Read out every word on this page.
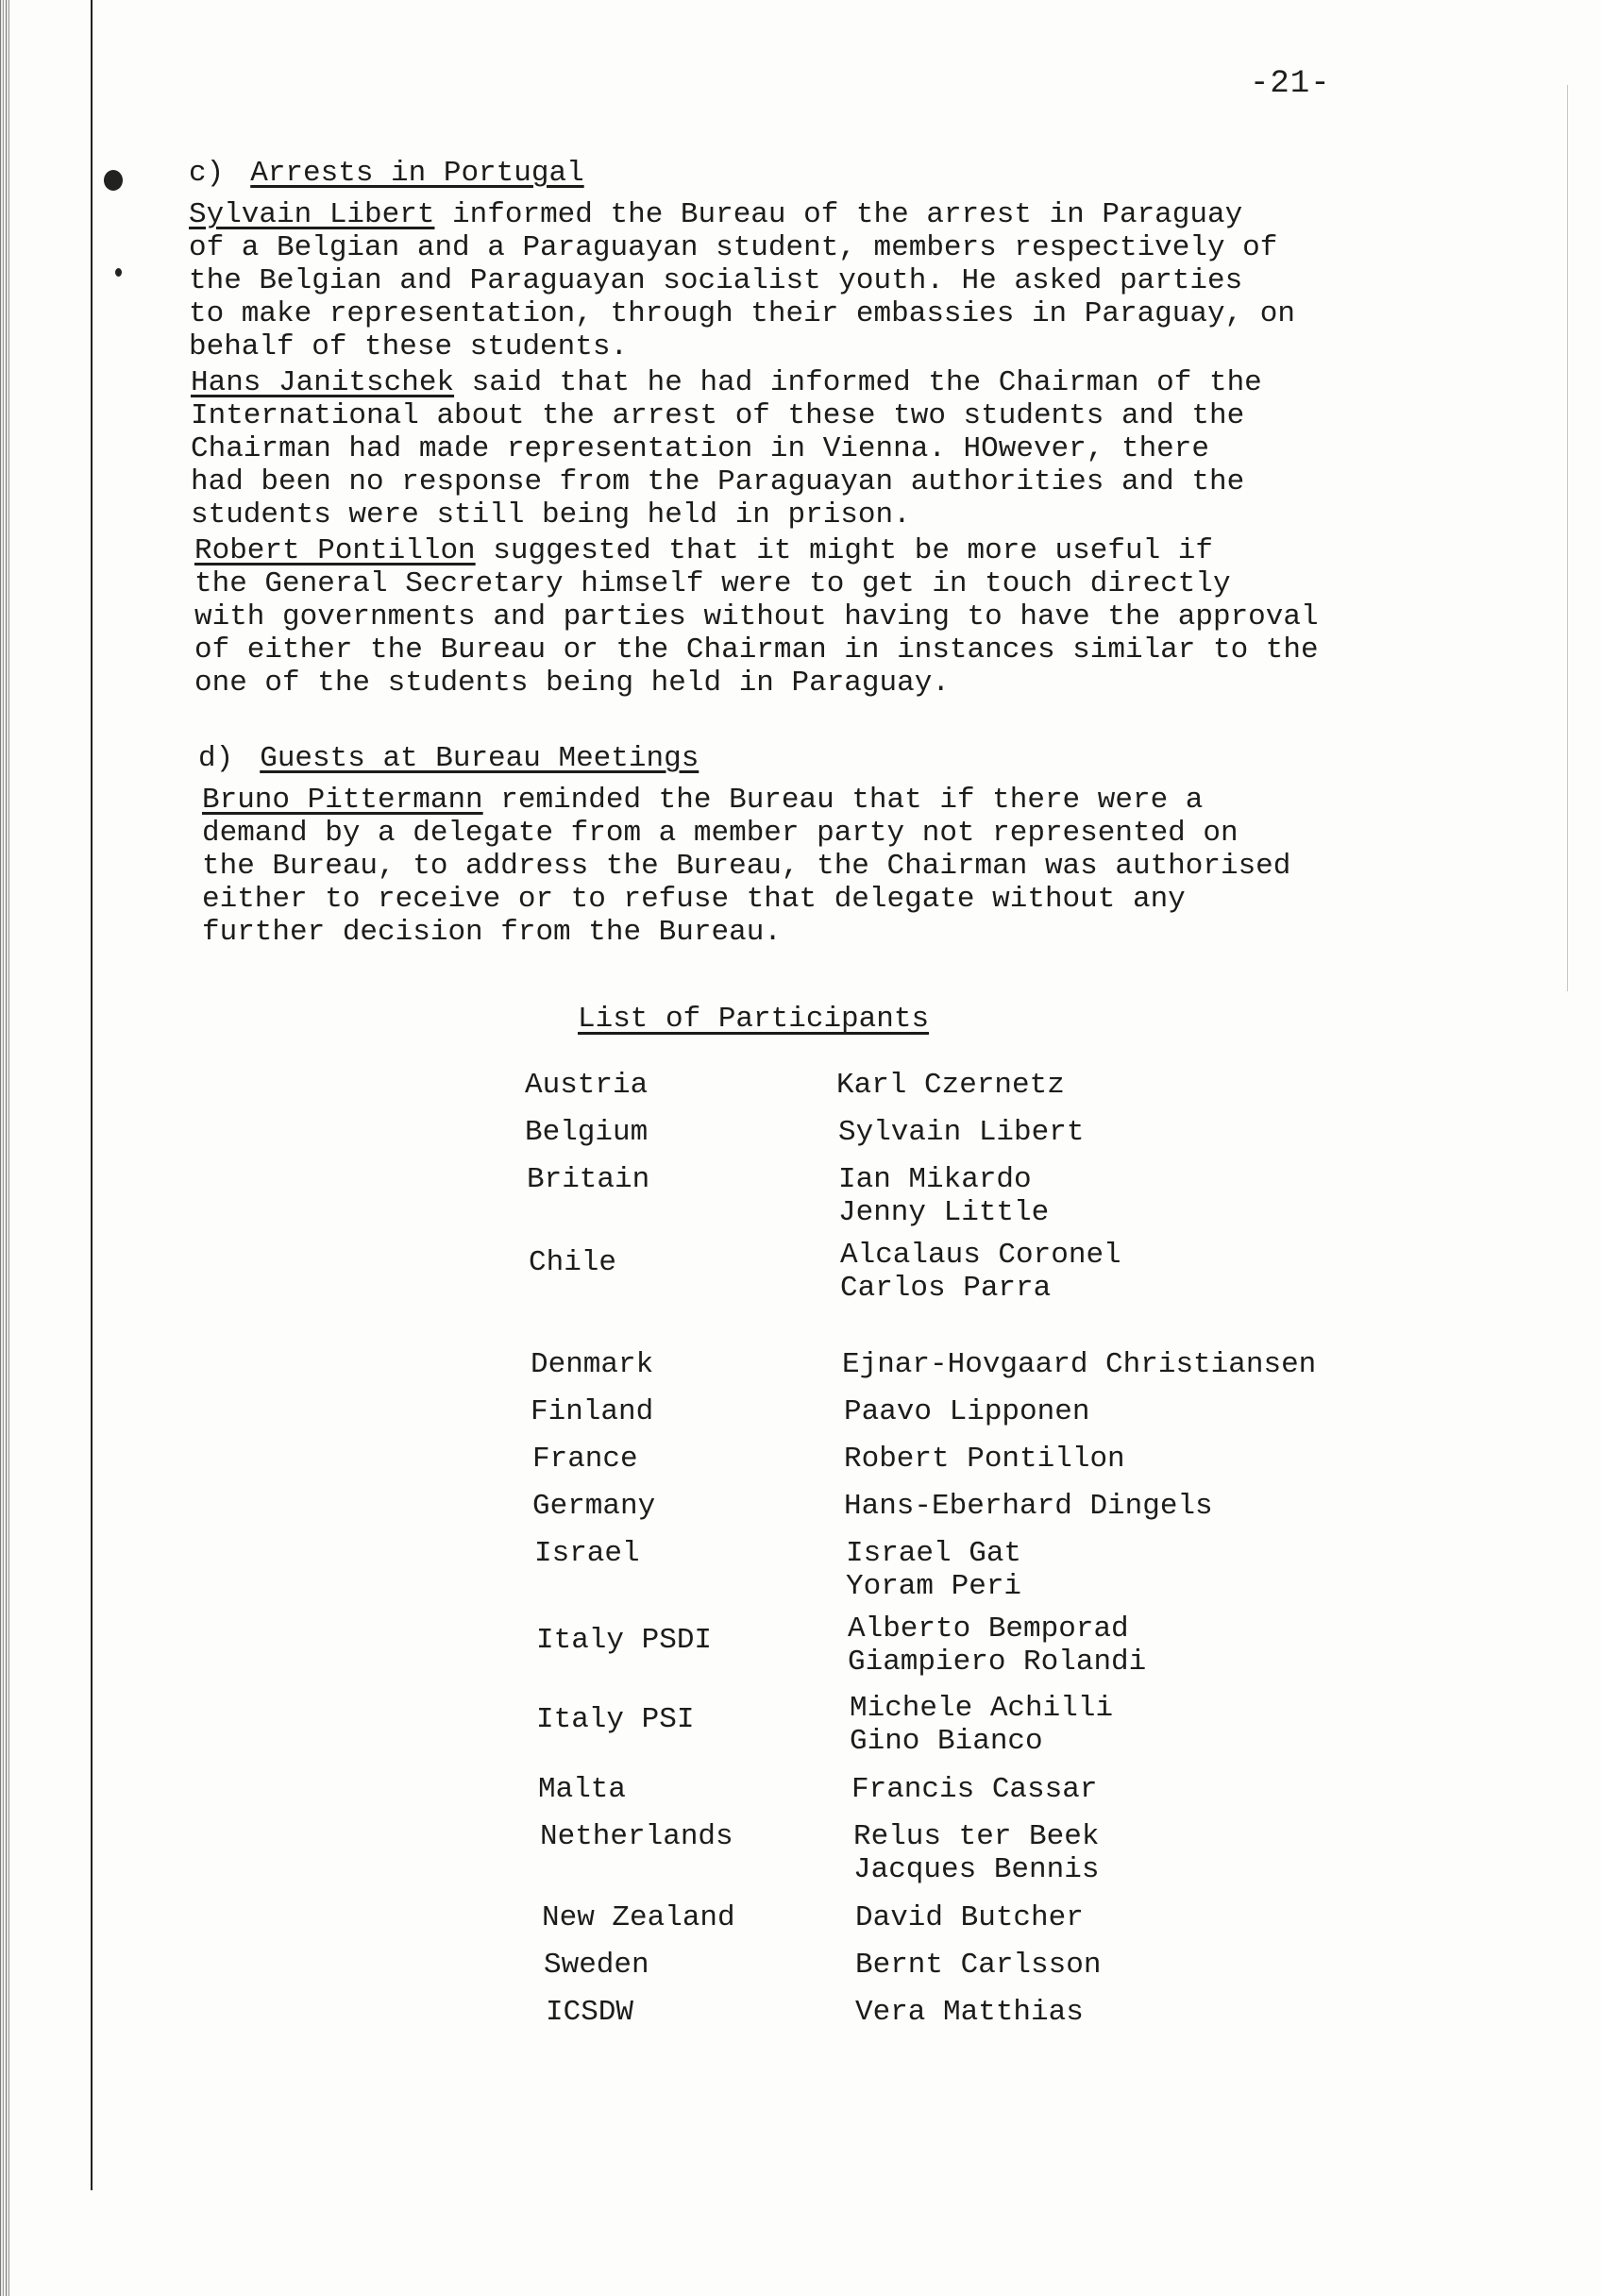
-21-
c) Arrests in Portugal
Sylvain Libert informed the Bureau of the arrest in Paraguay
of a Belgian and a Paraguayan student, members respectively of
the Belgian and Paraguayan socialist youth. He asked parties
to make representation, through their embassies in Paraguay, on
behalf of these students.
Hans Janitschek said that he had informed the Chairman of the
International about the arrest of these two students and the
Chairman had made representation in Vienna. HOwever, there
had been no response from the Paraguayan authorities and the
students were still being held in prison.
Robert Pontillon suggested that it might be more useful if
the General Secretary himself were to get in touch directly
with governments and parties without having to have the approval
of either the Bureau or the Chairman in instances similar to the
one of the students being held in Paraguay.
d) Guests at Bureau Meetings
Bruno Pittermann reminded the Bureau that if there were a
demand by a delegate from a member party not represented on
the Bureau, to address the Bureau, the Chairman was authorised
either to receive or to refuse that delegate without any
further decision from the Bureau.
List of Participants
Austria	Karl Czernetz
Belgium	Sylvain Libert
Britain	Ian Mikardo
Jenny Little
Chile	Alcalaus Coronel
Carlos Parra
Denmark	Ejnar-Hovgaard Christiansen
Finland	Paavo Lipponen
France	Robert Pontillon
Germany	Hans-Eberhard Dingels
Israel	Israel Gat
Yoram Peri
Italy PSDI	Alberto Bemporad
Giampiero Rolandi
Italy PSI	Michele Achilli
Gino Bianco
Malta	Francis Cassar
Netherlands	Relus ter Beek
Jacques Bennis
New Zealand	David Butcher
Sweden	Bernt Carlsson
ICSDW	Vera Matthias
